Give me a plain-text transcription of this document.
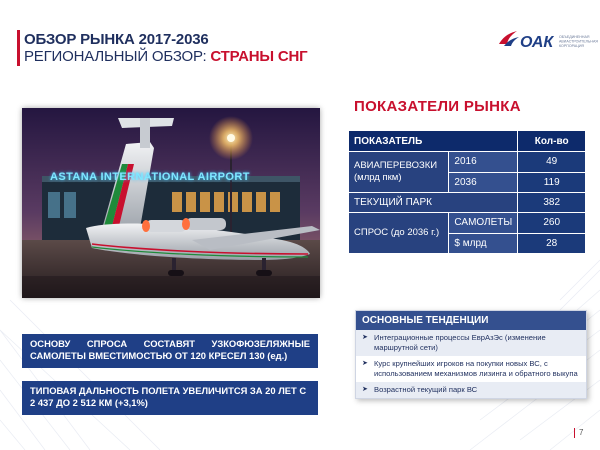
ОБЗОР РЫНКА 2017-2036
РЕГИОНАЛЬНЫЙ ОБЗОР: СТРАНЫ СНГ
ОАК	ОБЪЕДИНЕННАЯ
АВИАСТРОИТЕЛЬНАЯ
КОРПОРАЦИЯ
ASTANA INTERNATIONAL AIRPORT
ПОКАЗАТЕЛИ РЫНКА
ПОКАЗАТЕЛЬ		Кол-во
АВИАПЕРЕВОЗКИ (млрд пкм)	2016	49
	2036	119
ТЕКУЩИЙ ПАРК		382
СПРОС (до 2036 г.)	САМОЛЕТЫ	260
	$ млрд	28
ОСНОВНЫЕ ТЕНДЕНЦИИ
➤ Интеграционные процессы ЕврАзЭс (изменение маршрутной сети)
➤ Курс крупнейших игроков на покупки новых ВС, с использованием механизмов лизинга и обратного выкупа
➤ Возрастной текущий парк ВС
ОСНОВУ СПРОСА СОСТАВЯТ УЗКОФЮЗЕЛЯЖНЫЕ
САМОЛЕТЫ ВМЕСТИМОСТЬЮ ОТ 120 КРЕСЕЛ 130 (ед.)
ТИПОВАЯ ДАЛЬНОСТЬ ПОЛЕТА УВЕЛИЧИТСЯ ЗА 20 ЛЕТ С 2 437 ДО 2 512 КМ (+3,1%)
7
